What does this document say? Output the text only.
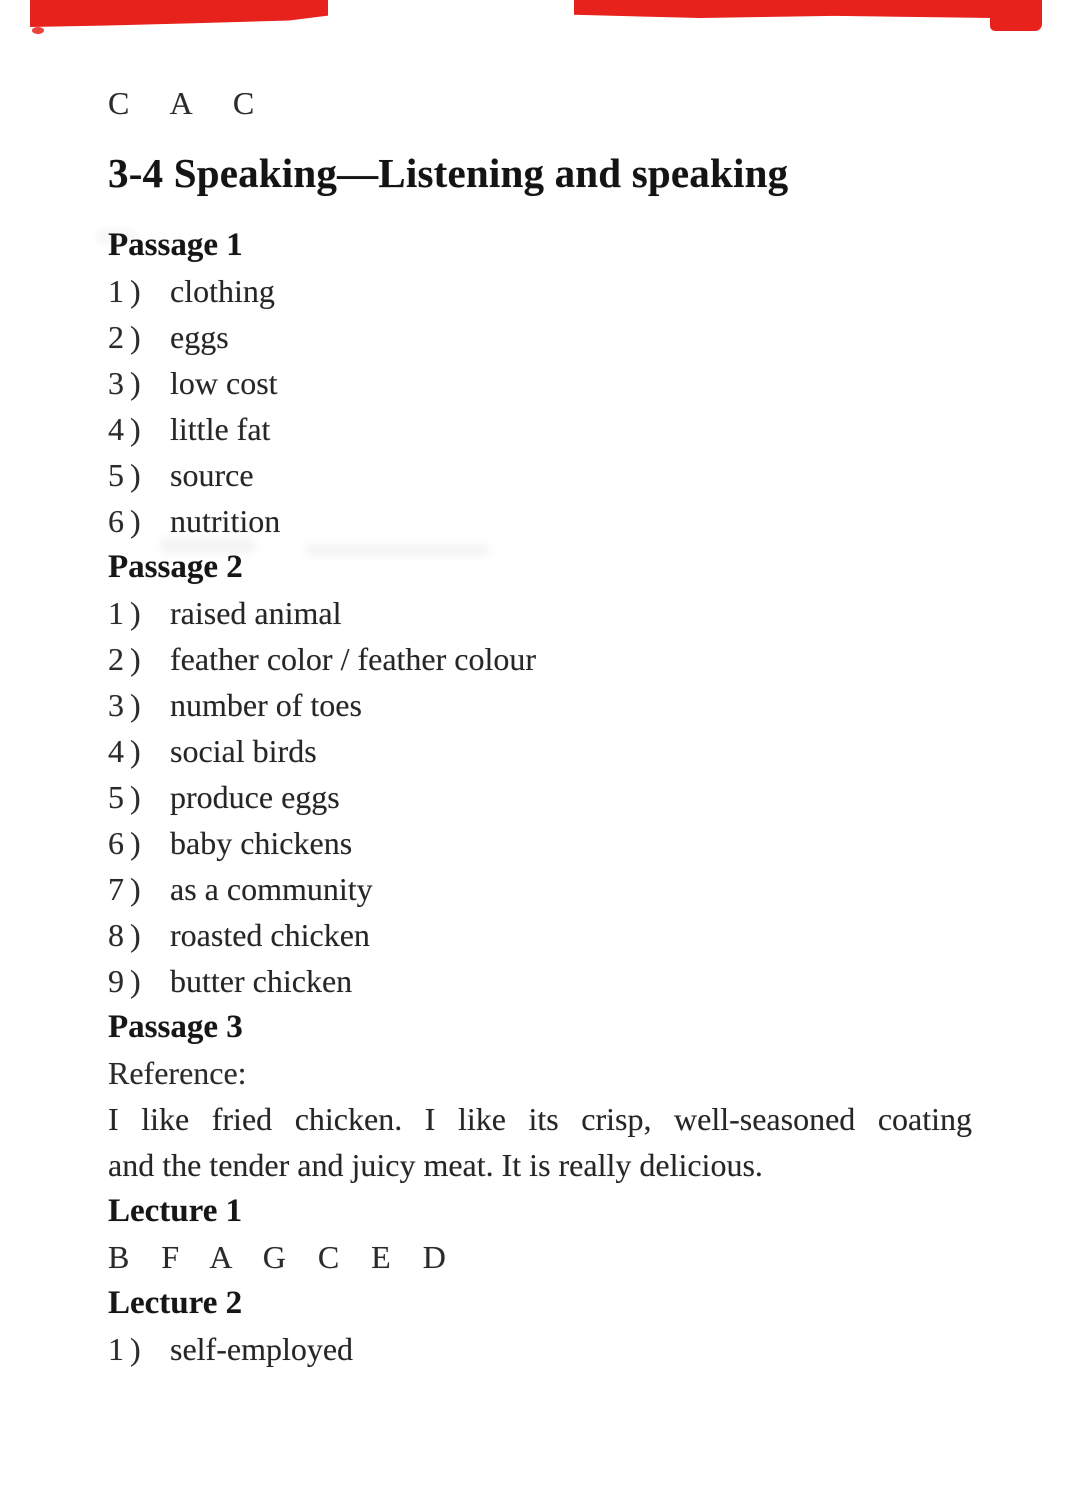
C A C
3-4 Speaking—Listening and speaking
Passage 1
1) clothing
2) eggs
3) low cost
4) little fat
5) source
6) nutrition
Passage 2
1) raised animal
2) feather color / feather colour
3) number of toes
4) social birds
5) produce eggs
6) baby chickens
7) as a community
8) roasted chicken
9) butter chicken
Passage 3
Reference:
I like fried chicken. I like its crisp, well-seasoned coating
and the tender and juicy meat. It is really delicious.
Lecture 1
B F A G C E D
Lecture 2
1) self-employed
